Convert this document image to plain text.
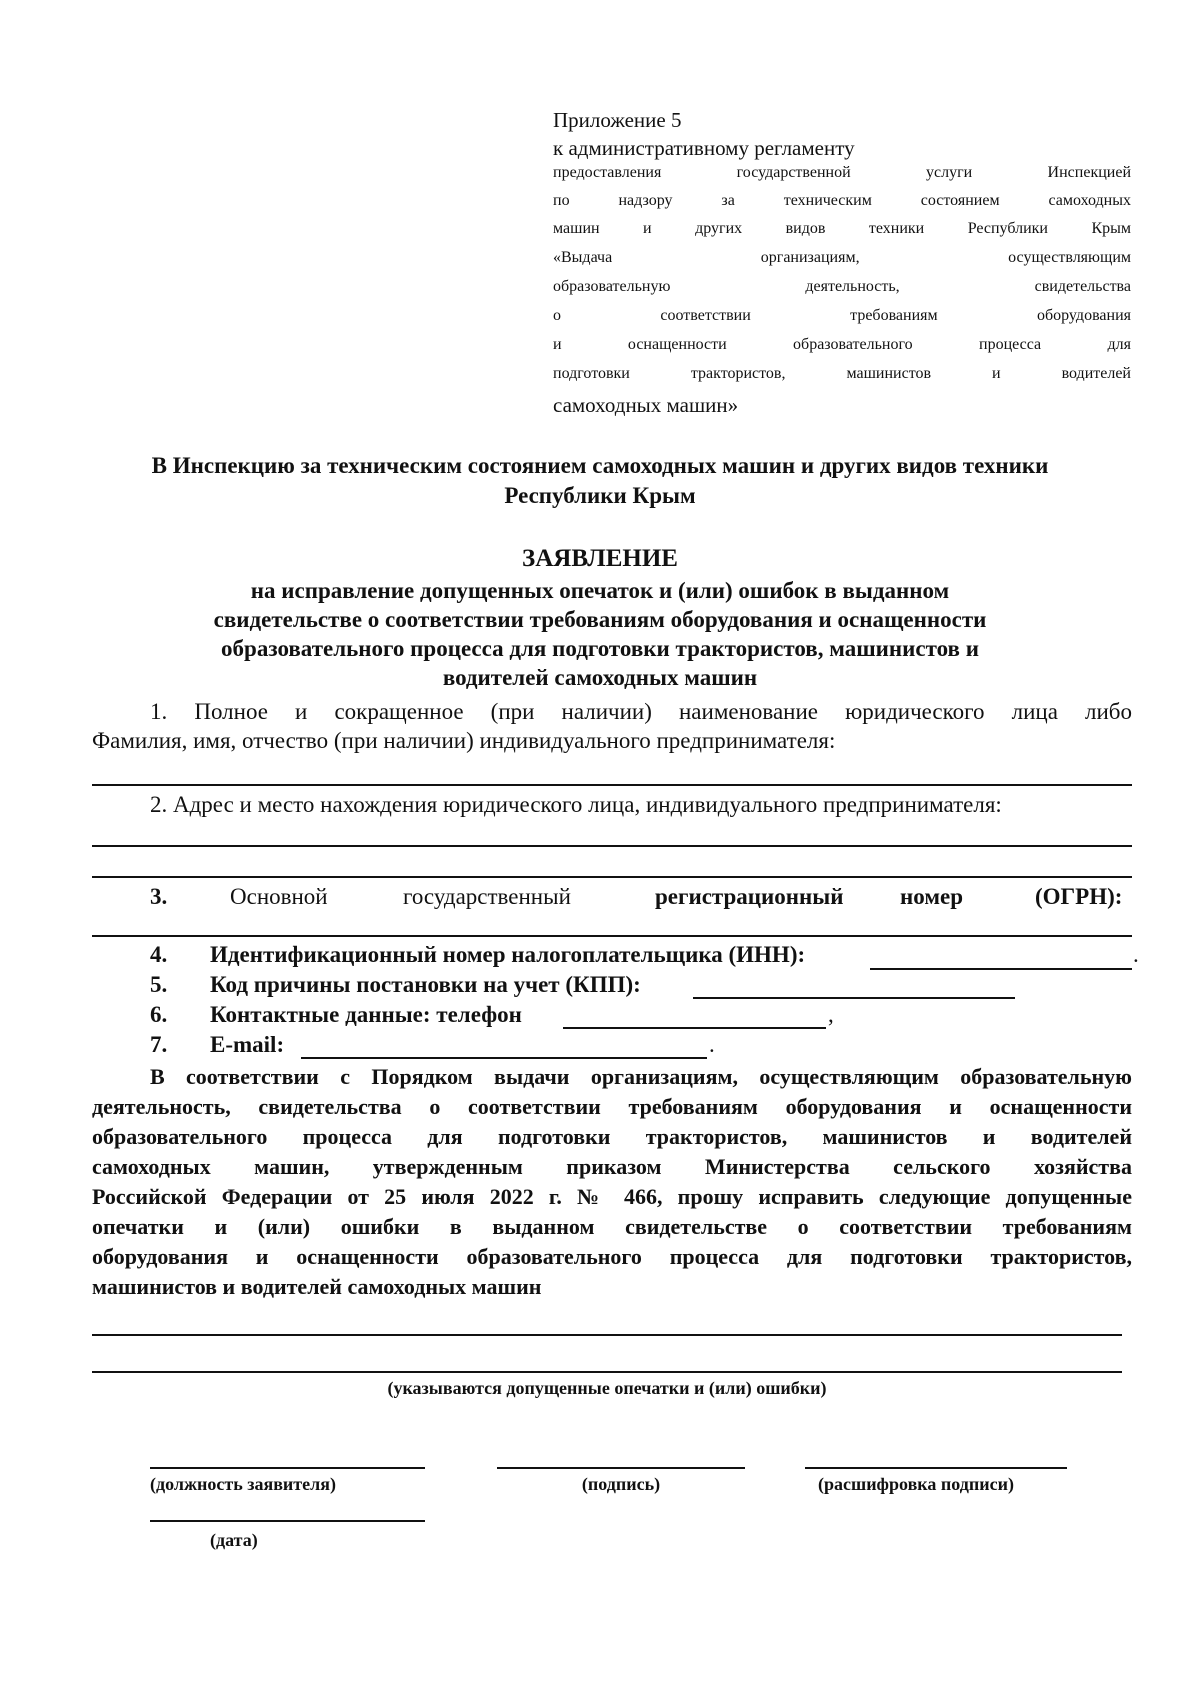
Приложение 5
к административному регламенту
предоставления государственной услуги Инспекцией
по надзору за техническим состоянием самоходных
машин и других видов техники Республики Крым
«Выдача организациям, осуществляющим
образовательную деятельность, свидетельства
о соответствии требованиям оборудования
и оснащенности образовательного процесса для
подготовки трактористов, машинистов и водителей
самоходных машин»
В Инспекцию за техническим состоянием самоходных машин и других видов техники
Республики Крым
ЗАЯВЛЕНИЕ
на исправление допущенных опечаток и (или) ошибок в выданном
свидетельстве о соответствии требованиям оборудования и оснащенности
образовательного процесса для подготовки трактористов, машинистов и
водителей самоходных машин
1. Полное и сокращенное (при наличии) наименование юридического лица либо
Фамилия, имя, отчество (при наличии) индивидуального предпринимателя:
2. Адрес и место нахождения юридического лица, индивидуального предпринимателя:
3.	Основной	государственный	регистрационный номер	(ОГРН):
4. Идентификационный номер налогоплательщика (ИНН):	.
5. Код причины постановки на учет (КПП):
6. Контактные данные: телефон	,
7. E-mail:	.
В соответствии с Порядком выдачи организациям, осуществляющим образовательную
деятельность, свидетельства о соответствии требованиям оборудования и оснащенности
образовательного процесса для подготовки трактористов, машинистов и водителей
самоходных машин, утвержденным приказом Министерства сельского хозяйства
Российской Федерации от 25 июля 2022 г. № 466, прошу исправить следующие допущенные
опечатки и (или) ошибки в выданном свидетельстве о соответствии требованиям
оборудования и оснащенности образовательного процесса для подготовки трактористов,
машинистов и водителей самоходных машин
(указываются допущенные опечатки и (или) ошибки)
(должность заявителя)	(подпись)	(расшифровка подписи)
(дата)
